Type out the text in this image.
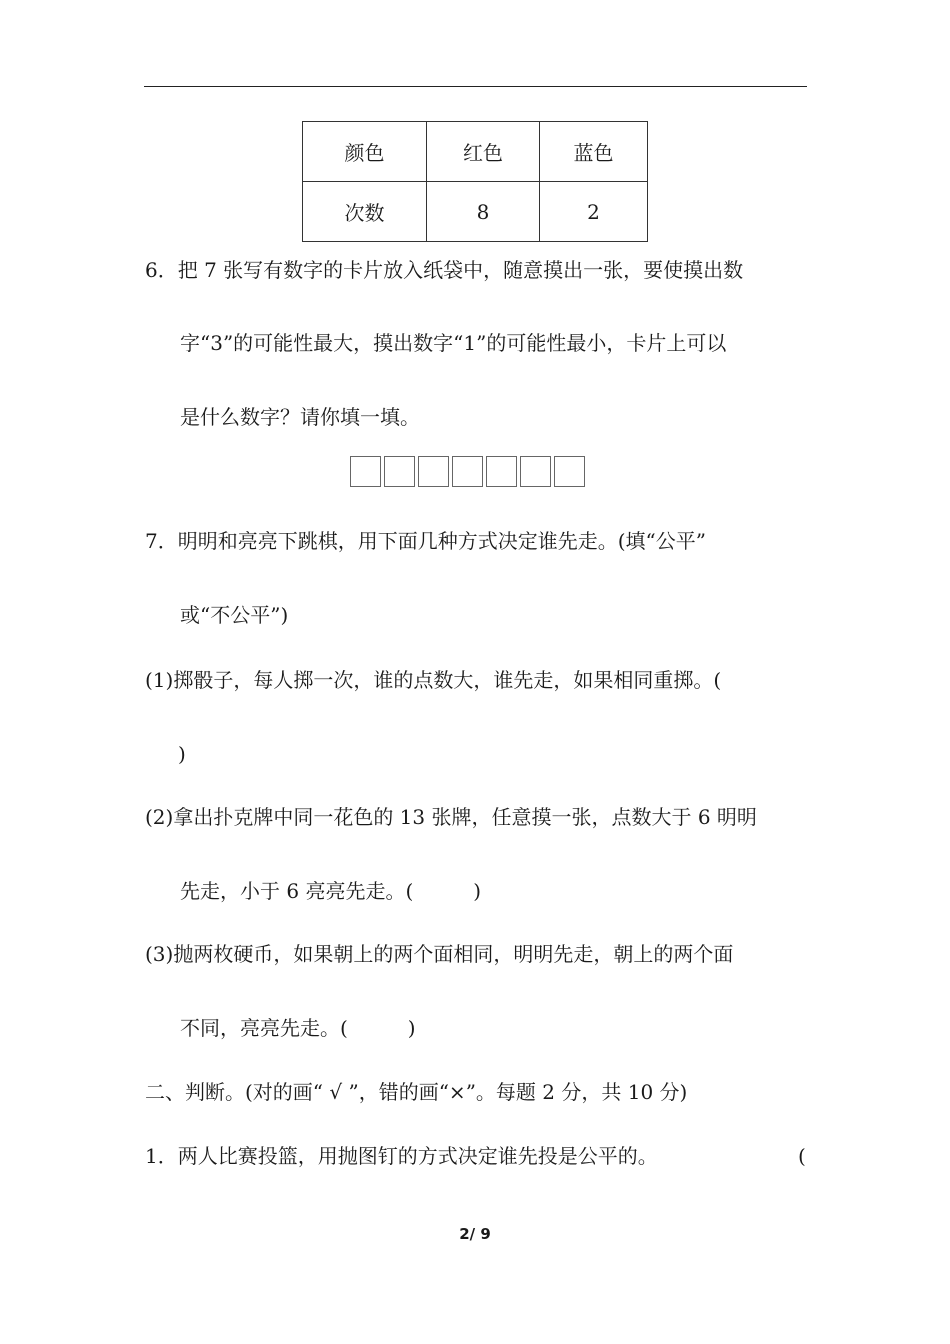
颜色	红色	蓝色
次数	8	2
6．把 7 张写有数字的卡片放入纸袋中，随意摸出一张，要使摸出数
字“3”的可能性最大，摸出数字“1”的可能性最小，卡片上可以
是什么数字？请你填一填。
7．明明和亮亮下跳棋，用下面几种方式决定谁先走。(填“公平”
或“不公平”)
(1)掷骰子，每人掷一次，谁的点数大，谁先走，如果相同重掷。(
)
(2)拿出扑克牌中同一花色的 13 张牌，任意摸一张，点数大于 6 明明
先走，小于 6 亮亮先走。(　　　)
(3)抛两枚硬币，如果朝上的两个面相同，明明先走，朝上的两个面
不同，亮亮先走。(　　　)
二、判断。(对的画“ √ ”，错的画“×”。每题 2 分，共 10 分)
1．两人比赛投篮，用抛图钉的方式决定谁先投是公平的。	(
2/ 9
